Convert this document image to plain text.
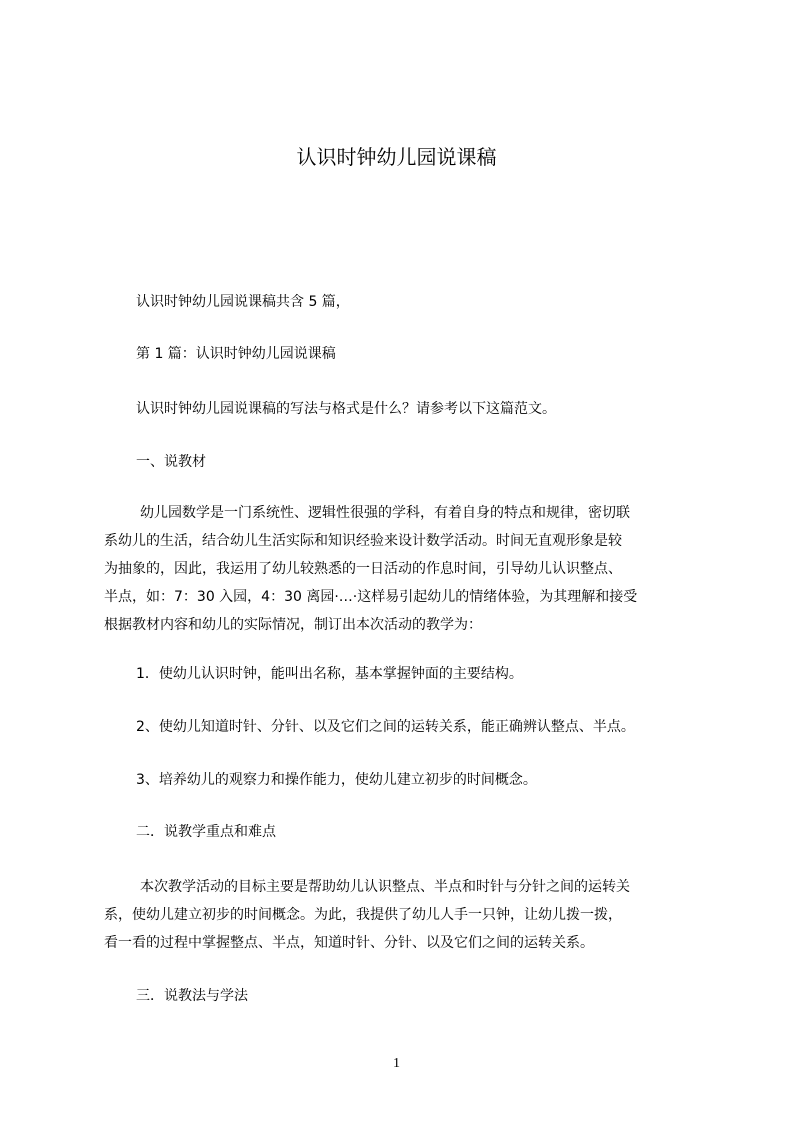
认识时钟幼儿园说课稿

认识时钟幼儿园说课稿共含 5 篇，

第 1 篇：认识时钟幼儿园说课稿

认识时钟幼儿园说课稿的写法与格式是什么？请参考以下这篇范文。

一、说教材

幼儿园数学是一门系统性、逻辑性很强的学科，有着自身的特点和规律，密切联
系幼儿的生活，结合幼儿生活实际和知识经验来设计数学活动。时间无直观形象是较
为抽象的，因此，我运用了幼儿较熟悉的一日活动的作息时间，引导幼儿认识整点、
半点，如：7：30 入园，4：30 离园·…·这样易引起幼儿的情绪体验，为其理解和接受
根据教材内容和幼儿的实际情况，制订出本次活动的教学为：

1．使幼儿认识时钟，能叫出名称，基本掌握钟面的主要结构。

2、使幼儿知道时针、分针、以及它们之间的运转关系，能正确辨认整点、半点。

3、培养幼儿的观察力和操作能力，使幼儿建立初步的时间概念。

二．说教学重点和难点

本次教学活动的目标主要是帮助幼儿认识整点、半点和时针与分针之间的运转关
系，使幼儿建立初步的时间概念。为此，我提供了幼儿人手一只钟，让幼儿拨一拨，
看一看的过程中掌握整点、半点，知道时针、分针、以及它们之间的运转关系。

三．说教法与学法

1
